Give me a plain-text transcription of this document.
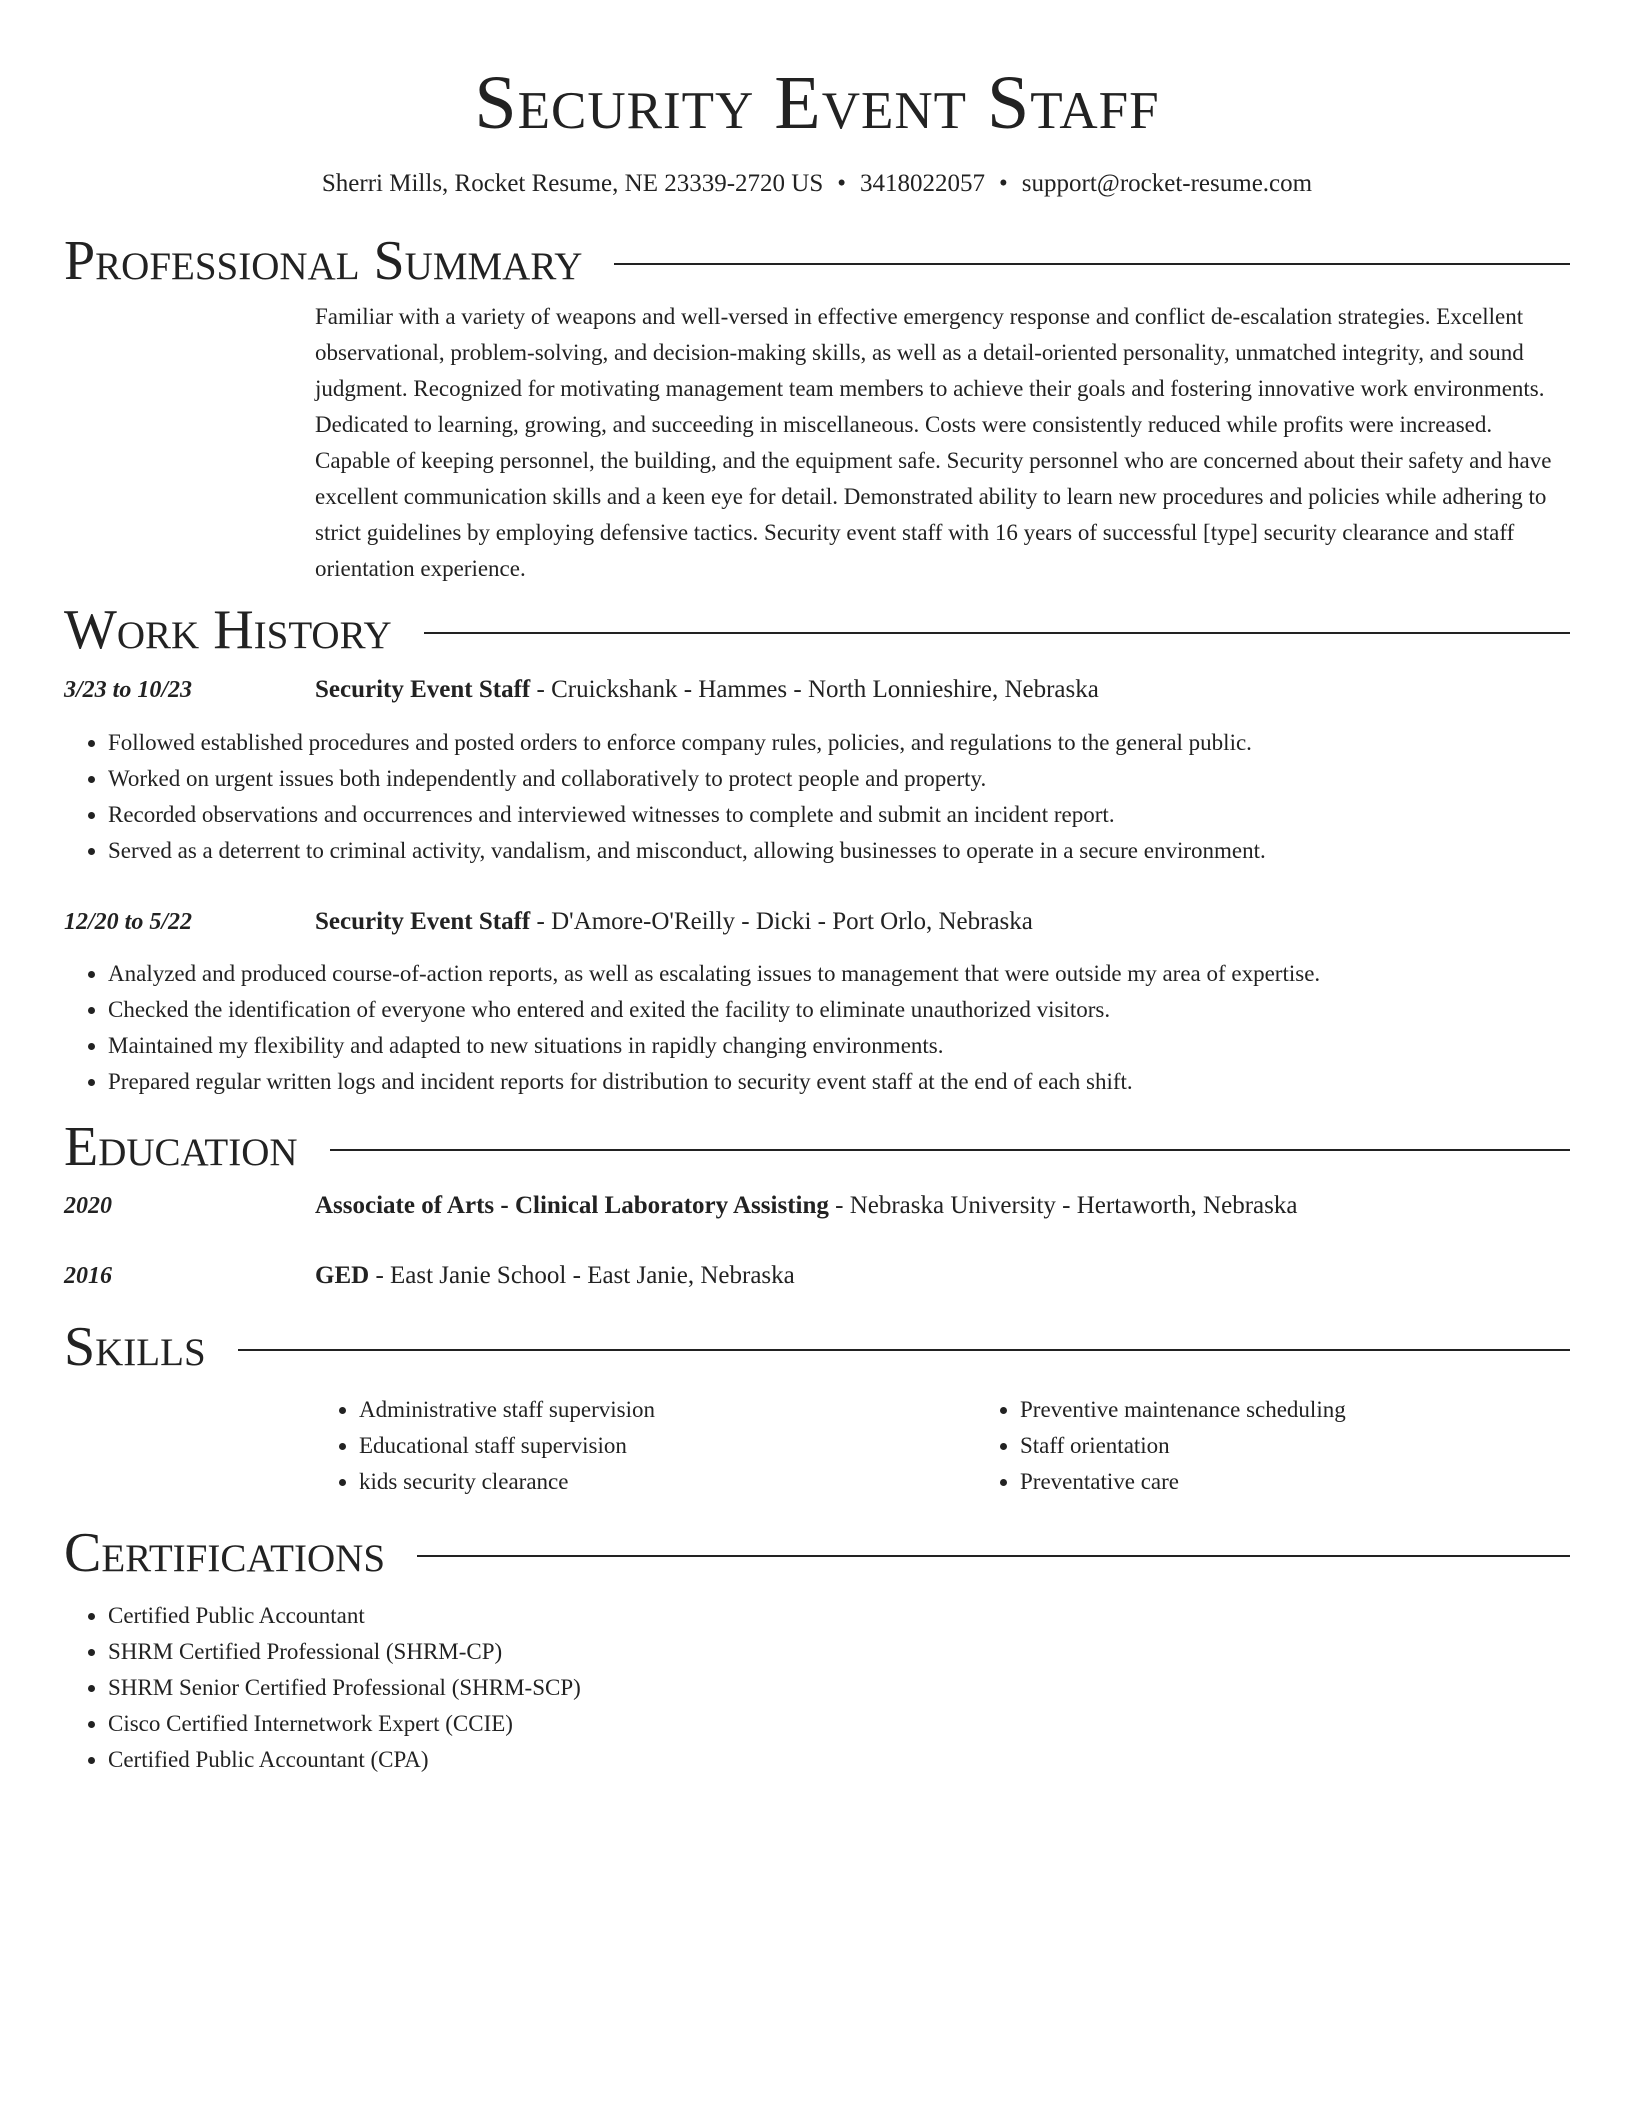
Security Event Staff
Sherri Mills, Rocket Resume, NE 23339-2720 US • 3418022057 • support@rocket-resume.com
Professional Summary
Familiar with a variety of weapons and well-versed in effective emergency response and conflict de-escalation strategies. Excellent observational, problem-solving, and decision-making skills, as well as a detail-oriented personality, unmatched integrity, and sound judgment. Recognized for motivating management team members to achieve their goals and fostering innovative work environments. Dedicated to learning, growing, and succeeding in miscellaneous. Costs were consistently reduced while profits were increased. Capable of keeping personnel, the building, and the equipment safe. Security personnel who are concerned about their safety and have excellent communication skills and a keen eye for detail. Demonstrated ability to learn new procedures and policies while adhering to strict guidelines by employing defensive tactics. Security event staff with 16 years of successful [type] security clearance and staff orientation experience.
Work History
3/23 to 10/23	Security Event Staff - Cruickshank - Hammes - North Lonnieshire, Nebraska
• Followed established procedures and posted orders to enforce company rules, policies, and regulations to the general public.
• Worked on urgent issues both independently and collaboratively to protect people and property.
• Recorded observations and occurrences and interviewed witnesses to complete and submit an incident report.
• Served as a deterrent to criminal activity, vandalism, and misconduct, allowing businesses to operate in a secure environment.
12/20 to 5/22	Security Event Staff - D'Amore-O'Reilly - Dicki - Port Orlo, Nebraska
• Analyzed and produced course-of-action reports, as well as escalating issues to management that were outside my area of expertise.
• Checked the identification of everyone who entered and exited the facility to eliminate unauthorized visitors.
• Maintained my flexibility and adapted to new situations in rapidly changing environments.
• Prepared regular written logs and incident reports for distribution to security event staff at the end of each shift.
Education
2020	Associate of Arts - Clinical Laboratory Assisting - Nebraska University - Hertaworth, Nebraska
2016	GED - East Janie School - East Janie, Nebraska
Skills
• Administrative staff supervision
• Educational staff supervision
• kids security clearance
• Preventive maintenance scheduling
• Staff orientation
• Preventative care
Certifications
• Certified Public Accountant
• SHRM Certified Professional (SHRM-CP)
• SHRM Senior Certified Professional (SHRM-SCP)
• Cisco Certified Internetwork Expert (CCIE)
• Certified Public Accountant (CPA)
